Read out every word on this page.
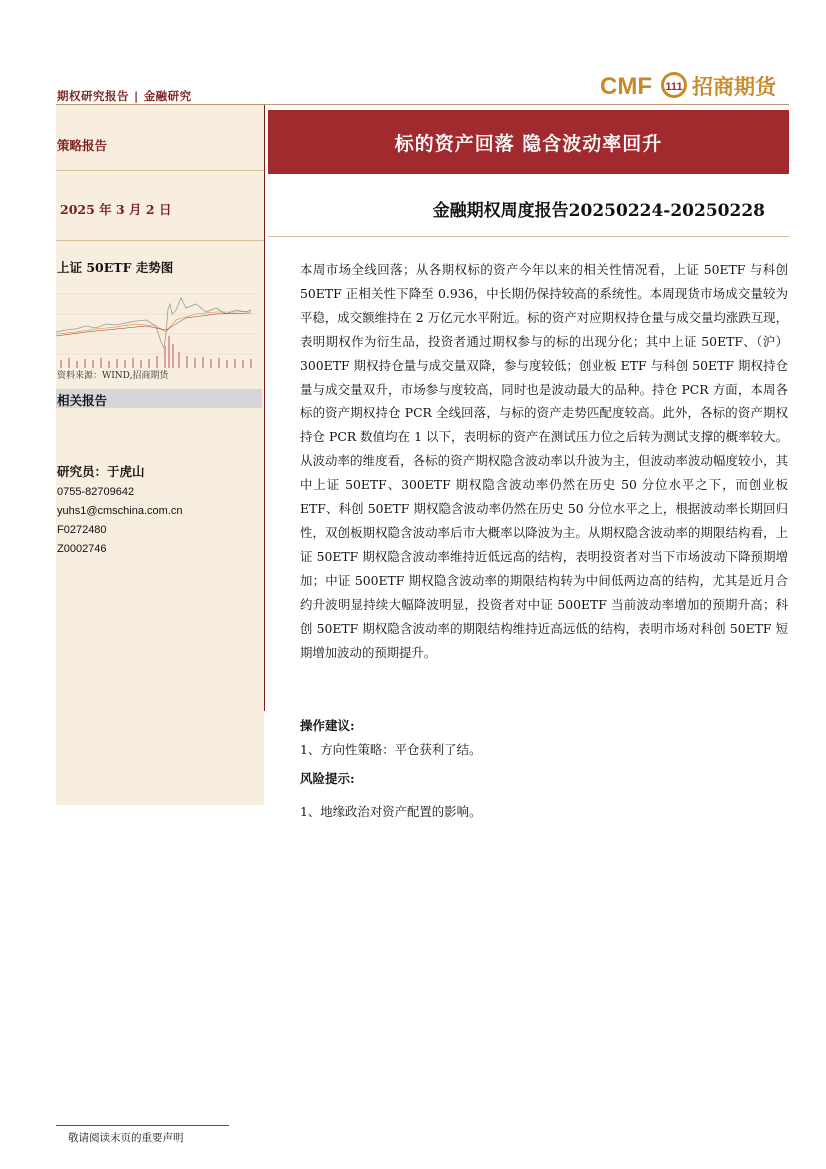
期权研究报告 | 金融研究	CMF 111 招商期货
策略报告
2025 年 3 月 2 日
标的资产回落 隐含波动率回升
金融期权周度报告20250224-20250228
上证 50ETF 走势图
资料来源：WIND,招商期货
相关报告
研究员：于虎山
0755-82709642
yuhs1@cmschina.com.cn
F0272480
Z0002746

本周市场全线回落；从各期权标的资产今年以来的相关性情况看，上证 50ETF 与科创 50ETF 正相关性下降至 0.936，中长期仍保持较高的系统性。本周现货市场成交量较为平稳，成交额维持在 2 万亿元水平附近。标的资产对应期权持仓量与成交量均涨跌互现，表明期权作为衍生品，投资者通过期权参与的标的出现分化；其中上证 50ETF、（沪）300ETF 期权持仓量与成交量双降，参与度较低；创业板 ETF 与科创 50ETF 期权持仓量与成交量双升，市场参与度较高，同时也是波动最大的品种。持仓 PCR 方面，本周各标的资产期权持仓 PCR 全线回落，与标的资产走势匹配度较高。此外，各标的资产期权持仓 PCR 数值均在 1 以下，表明标的资产在测试压力位之后转为测试支撑的概率较大。从波动率的维度看，各标的资产期权隐含波动率以升波为主，但波动率波动幅度较小，其中上证 50ETF、300ETF 期权隐含波动率仍然在历史 50 分位水平之下，而创业板 ETF、科创 50ETF 期权隐含波动率仍然在历史 50 分位水平之上，根据波动率长期回归性，双创板期权隐含波动率后市大概率以降波为主。从期权隐含波动率的期限结构看，上证 50ETF 期权隐含波动率维持近低远高的结构，表明投资者对当下市场波动下降预期增加；中证 500ETF 期权隐含波动率的期限结构转为中间低两边高的结构，尤其是近月合约升波明显持续大幅降波明显，投资者对中证 500ETF 当前波动率增加的预期升高；科创 50ETF 期权隐含波动率的期限结构维持近高远低的结构，表明市场对科创 50ETF 短期增加波动的预期提升。

操作建议:
1、方向性策略：平仓获利了结。
风险提示:
1、地缘政治对资产配置的影响。
敬请阅读末页的重要声明
